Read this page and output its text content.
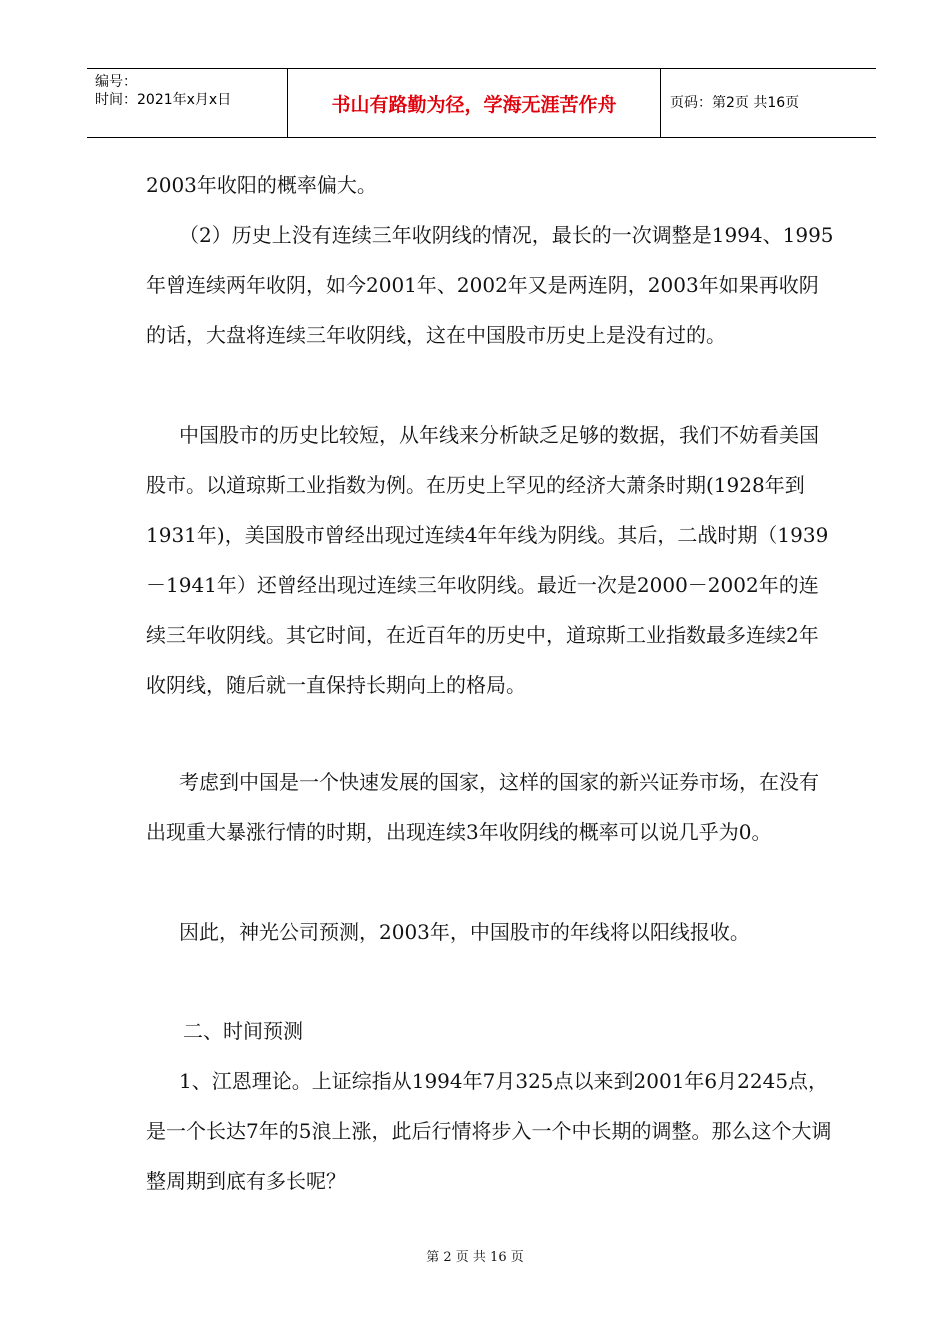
编号：
时间：2021年x月x日	书山有路勤为径，学海无涯苦作舟	页码：第2页 共16页

2003年收阳的概率偏大。

（2）历史上没有连续三年收阴线的情况，最长的一次调整是1994、1995年曾连续两年收阴，如今2001年、2002年又是两连阴，2003年如果再收阴的话，大盘将连续三年收阴线，这在中国股市历史上是没有过的。

中国股市的历史比较短，从年线来分析缺乏足够的数据，我们不妨看美国股市。以道琼斯工业指数为例。在历史上罕见的经济大萧条时期(1928年到1931年)，美国股市曾经出现过连续4年年线为阴线。其后，二战时期（1939－1941年）还曾经出现过连续三年收阴线。最近一次是2000－2002年的连续三年收阴线。其它时间，在近百年的历史中，道琼斯工业指数最多连续2年收阴线，随后就一直保持长期向上的格局。

考虑到中国是一个快速发展的国家，这样的国家的新兴证券市场，在没有出现重大暴涨行情的时期，出现连续3年收阴线的概率可以说几乎为0。

因此，神光公司预测，2003年，中国股市的年线将以阳线报收。

二、时间预测

1、江恩理论。上证综指从1994年7月325点以来到2001年6月2245点，是一个长达7年的5浪上涨，此后行情将步入一个中长期的调整。那么这个大调整周期到底有多长呢？

第 2 页 共 16 页
